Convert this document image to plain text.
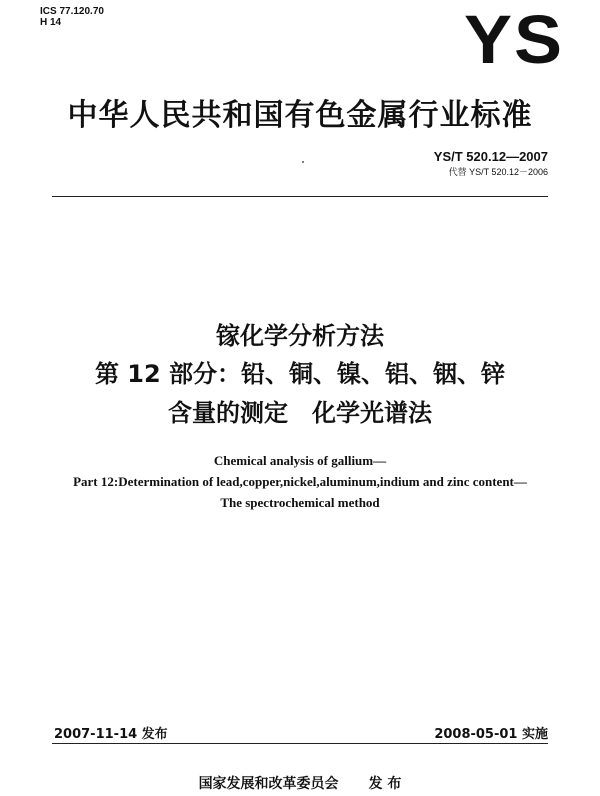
ICS 77.120.70
H 14	YS
中华人民共和国有色金属行业标准
YS/T 520.12—2007
代替 YS/T 520.12－2006
镓化学分析方法
第 12 部分：铅、铜、镍、铝、铟、锌
含量的测定　化学光谱法
Chemical analysis of gallium—
Part 12:Determination of lead,copper,nickel,aluminum,indium and zinc content—
The spectrochemical method
2007-11-14 发布	2008-05-01 实施
国家发展和改革委员会 发 布
